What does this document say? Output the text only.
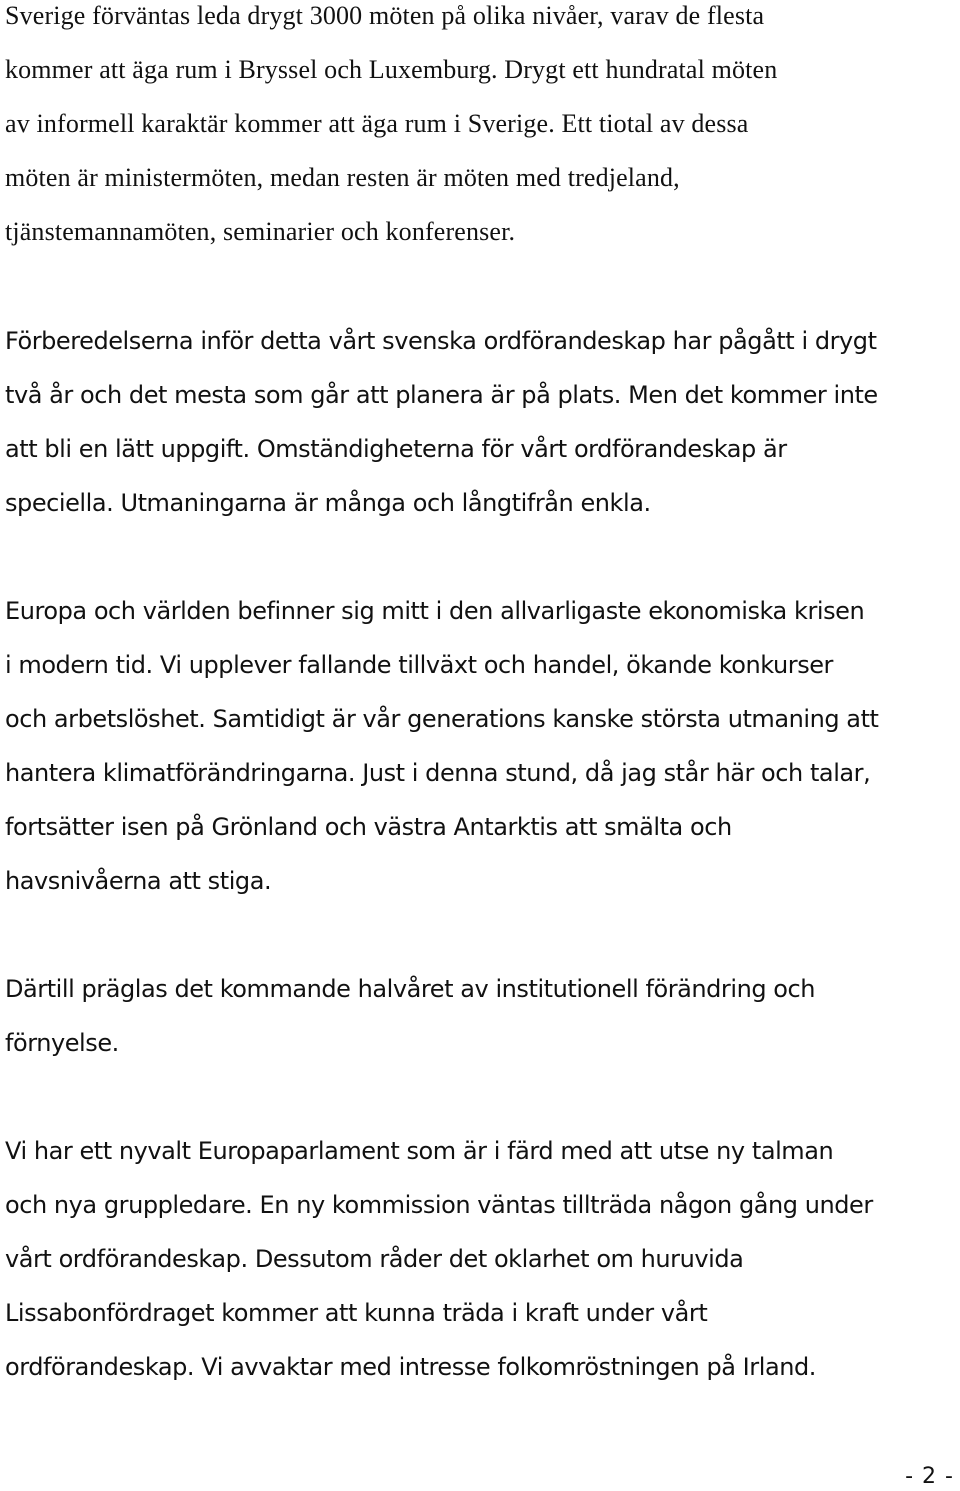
Sverige förväntas leda drygt 3000 möten på olika nivåer, varav de flesta
kommer att äga rum i Bryssel och Luxemburg. Drygt ett hundratal möten
av informell karaktär kommer att äga rum i Sverige. Ett tiotal av dessa
möten är ministermöten, medan resten är möten med tredjeland,
tjänstemannamöten, seminarier och konferenser.

Förberedelserna inför detta vårt svenska ordförandeskap har pågått i drygt
två år och det mesta som går att planera är på plats. Men det kommer inte
att bli en lätt uppgift. Omständigheterna för vårt ordförandeskap är
speciella. Utmaningarna är många och långtifrån enkla.

Europa och världen befinner sig mitt i den allvarligaste ekonomiska krisen
i modern tid. Vi upplever fallande tillväxt och handel, ökande konkurser
och arbetslöshet. Samtidigt är vår generations kanske största utmaning att
hantera klimatförändringarna. Just i denna stund, då jag står här och talar,
fortsätter isen på Grönland och västra Antarktis att smälta och
havsnivåerna att stiga.

Därtill präglas det kommande halvåret av institutionell förändring och
förnyelse.

Vi har ett nyvalt Europaparlament som är i färd med att utse ny talman
och nya gruppledare. En ny kommission väntas tillträda någon gång under
vårt ordförandeskap. Dessutom råder det oklarhet om huruvida
Lissabonfördraget kommer att kunna träda i kraft under vårt
ordförandeskap. Vi avvaktar med intresse folkomröstningen på Irland.

- 2 -
